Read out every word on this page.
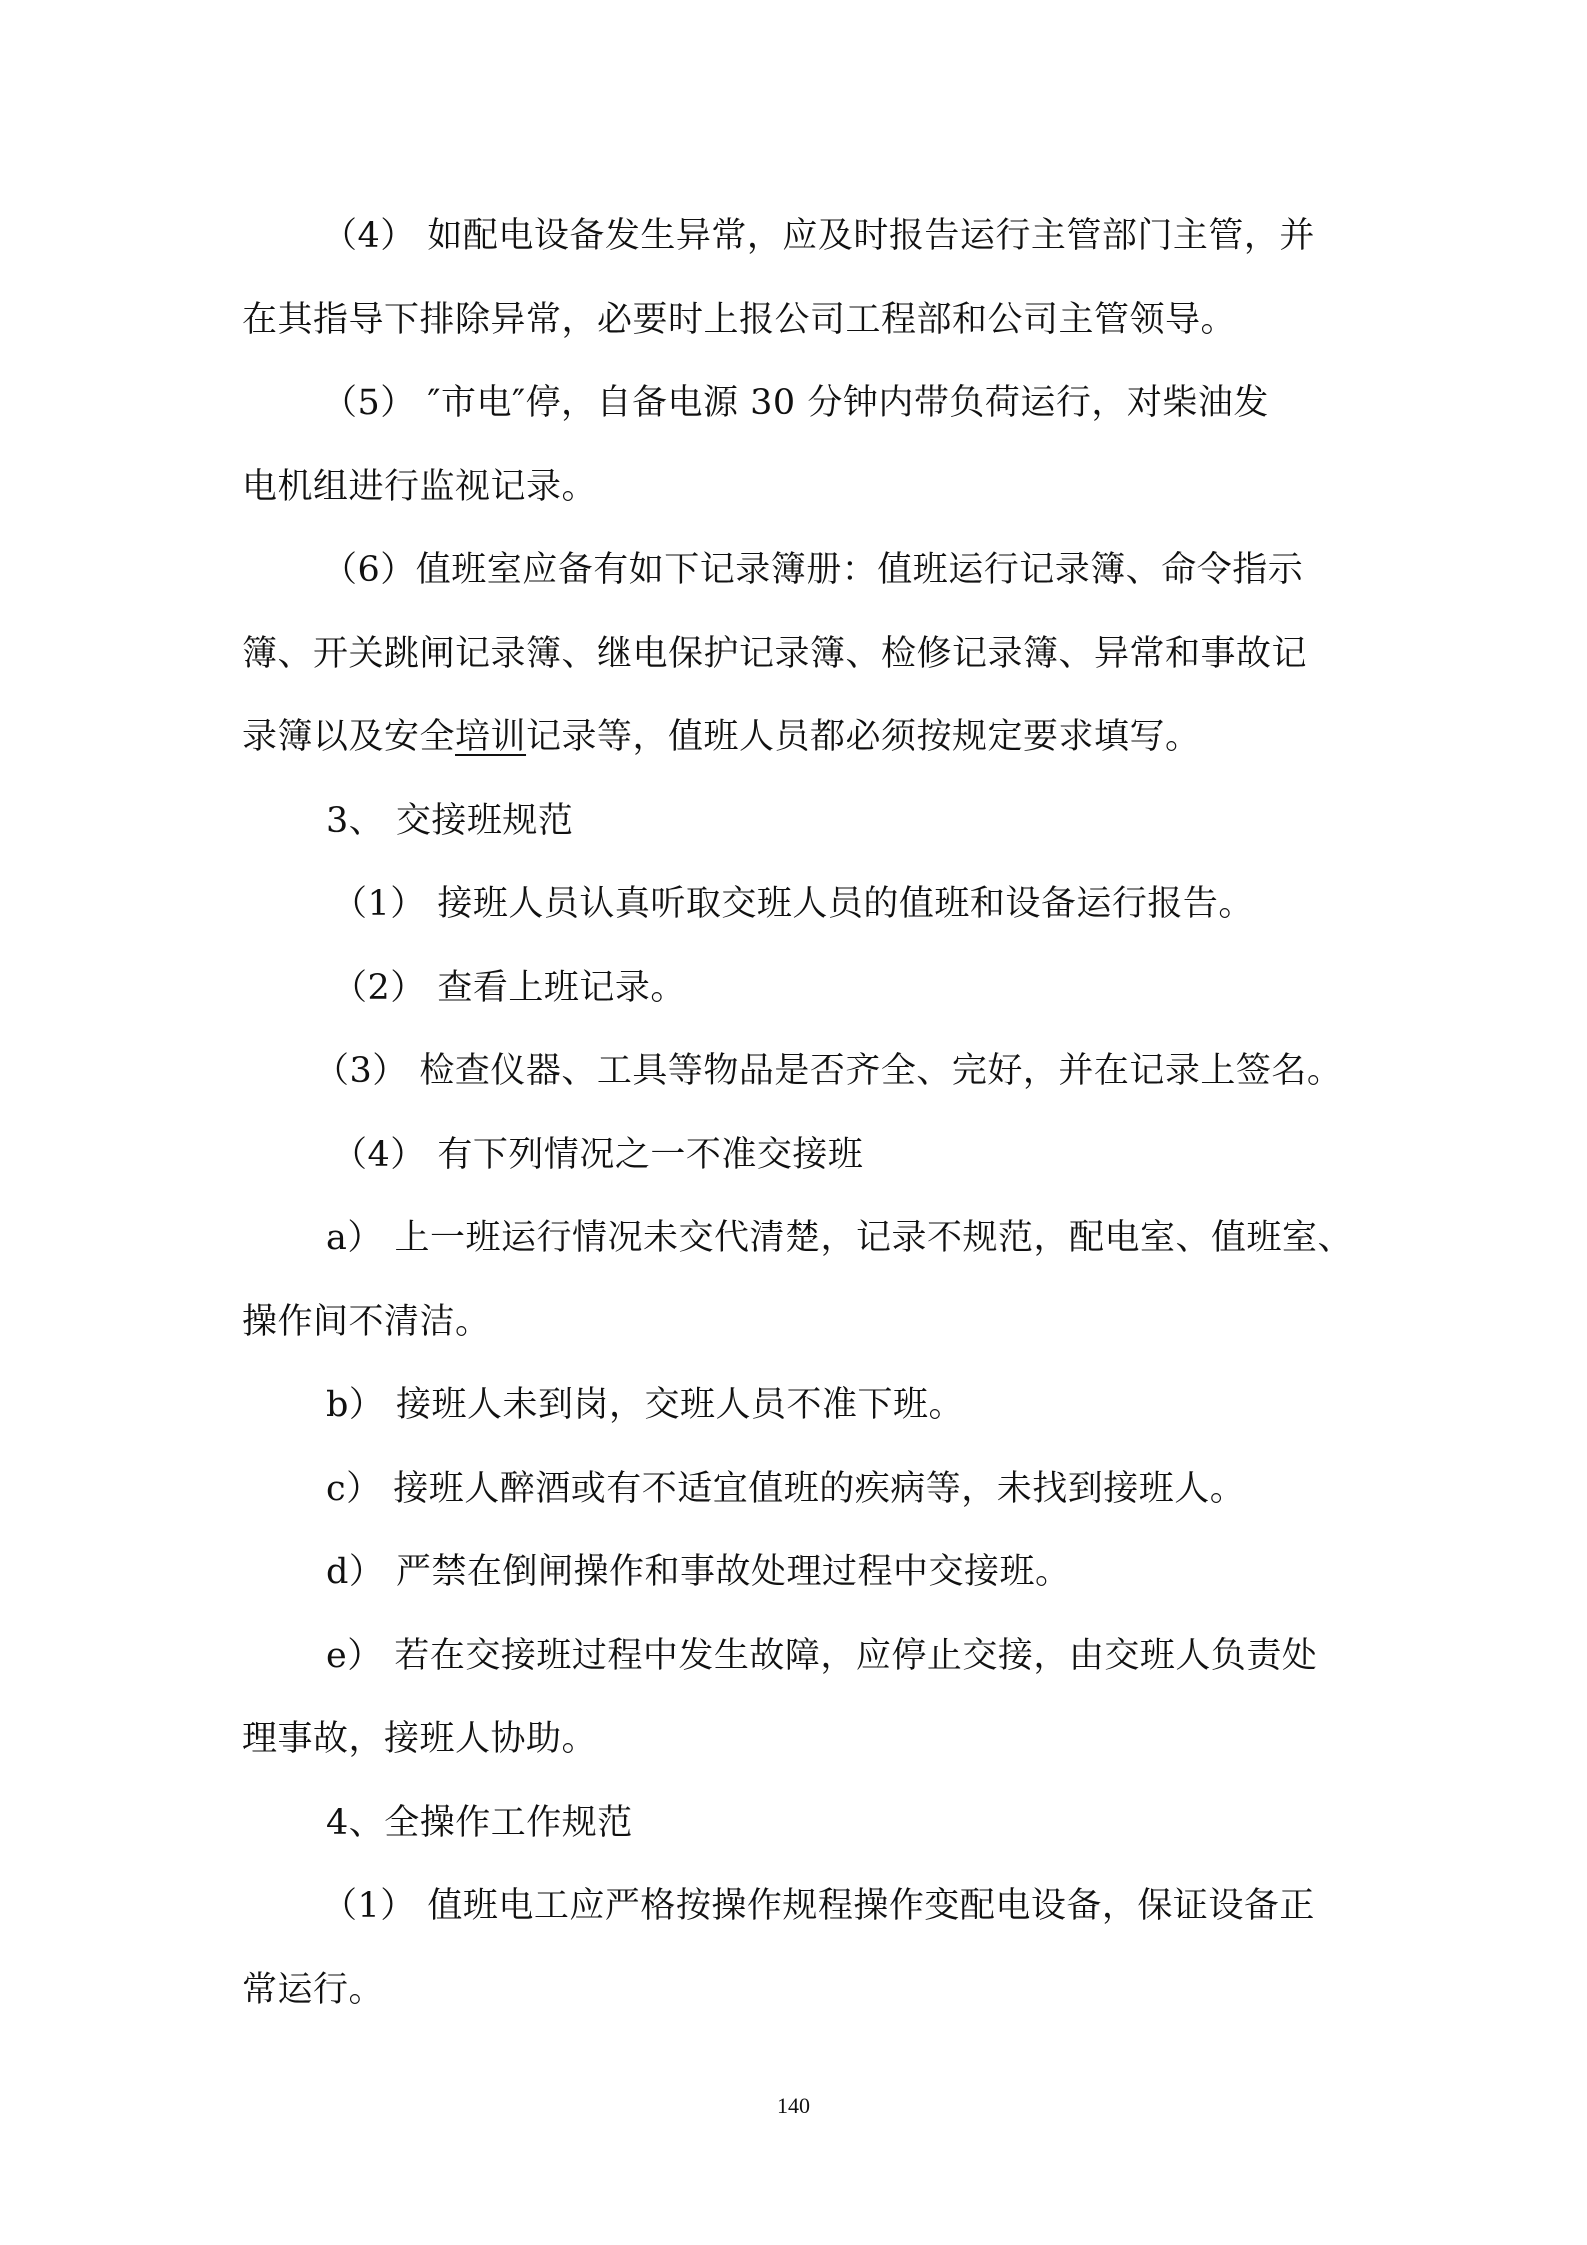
（4） 如配电设备发生异常，应及时报告运行主管部门主管，并
在其指导下排除异常，必要时上报公司工程部和公司主管领导。
（5） ″市电″停，自备电源 30 分钟内带负荷运行，对柴油发
电机组进行监视记录。
（6）值班室应备有如下记录簿册：值班运行记录簿、命令指示
簿、开关跳闸记录簿、继电保护记录簿、检修记录簿、异常和事故记
录簿以及安全培训记录等，值班人员都必须按规定要求填写。
3、 交接班规范
（1） 接班人员认真听取交班人员的值班和设备运行报告。
（2） 查看上班记录。
（3） 检查仪器、工具等物品是否齐全、完好，并在记录上签名。
（4） 有下列情况之一不准交接班
a） 上一班运行情况未交代清楚，记录不规范，配电室、值班室、
操作间不清洁。
b） 接班人未到岗，交班人员不准下班。
c） 接班人醉酒或有不适宜值班的疾病等，未找到接班人。
d） 严禁在倒闸操作和事故处理过程中交接班。
e） 若在交接班过程中发生故障，应停止交接，由交班人负责处
理事故，接班人协助。
4、全操作工作规范
（1） 值班电工应严格按操作规程操作变配电设备，保证设备正
常运行。
140
